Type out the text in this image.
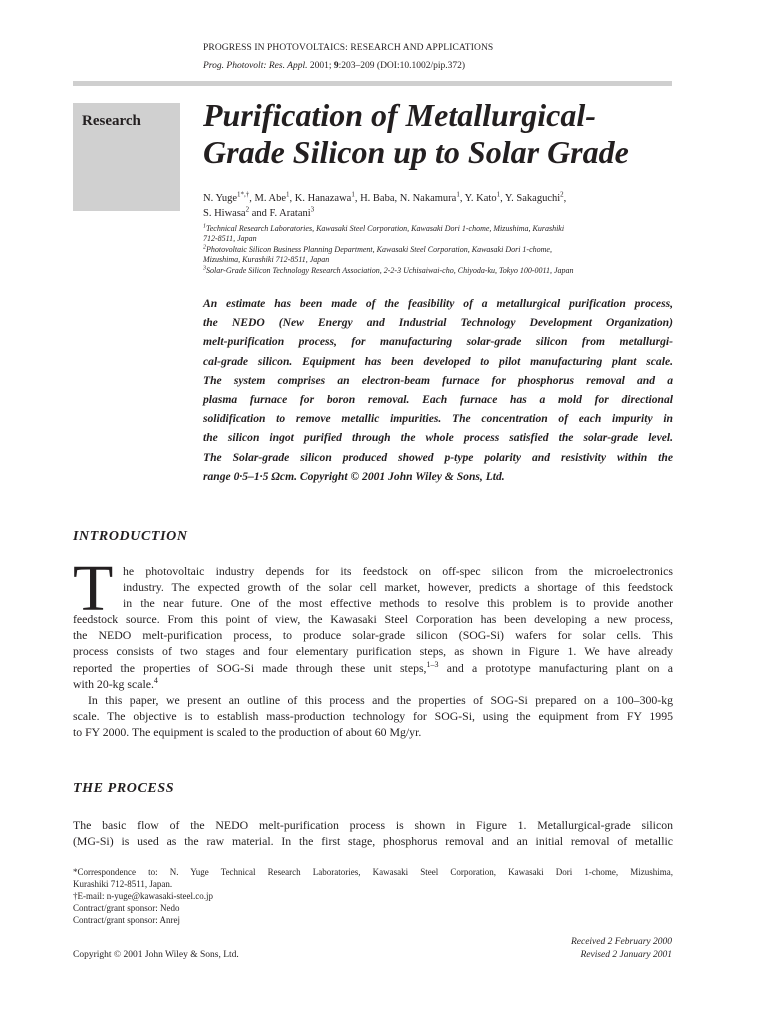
PROGRESS IN PHOTOVOLTAICS: RESEARCH AND APPLICATIONS
Prog. Photovolt: Res. Appl. 2001; 9:203–209 (DOI:10.1002/pip.372)
Research Purification of Metallurgical-
Grade Silicon up to Solar Grade
N. Yuge$^{1*,\dagger}$, M. Abe$^1$, K. Hanazawa$^1$, H. Baba, N. Nakamura$^1$, Y. Kato$^1$, Y. Sakaguchi$^2$,
S. Hiwasa$^2$ and F. Aratani$^3$
$^1$Technical Research Laboratories, Kawasaki Steel Corporation, Kawasaki Dori 1-chome, Mizushima, Kurashiki
712-8511, Japan
$^2$Photovoltaic Silicon Business Planning Department, Kawasaki Steel Corporation, Kawasaki Dori 1-chome,
Mizushima, Kurashiki 712-8511, Japan
$^3$Solar-Grade Silicon Technology Research Association, 2-2-3 Uchisaiwai-cho, Chiyoda-ku, Tokyo 100-0011, Japan
An estimate has been made of the feasibility of a metallurgical purification process,
the NEDO (New Energy and Industrial Technology Development Organization)
melt-purification process, for manufacturing solar-grade silicon from metallurgi-
cal-grade silicon. Equipment has been developed to pilot manufacturing plant scale.
The system comprises an electron-beam furnace for phosphorus removal and a
plasma furnace for boron removal. Each furnace has a mold for directional
solidification to remove metallic impurities. The concentration of each impurity in
the silicon ingot purified through the whole process satisfied the solar-grade level.
The Solar-grade silicon produced showed p-type polarity and resistivity within the
range 0·5–1·5 Ωcm. Copyright © 2001 John Wiley & Sons, Ltd.
INTRODUCTION
T he photovoltaic industry depends for its feedstock on off-spec silicon from the microelectronics
industry. The expected growth of the solar cell market, however, predicts a shortage of this feedstock
in the near future. One of the most effective methods to resolve this problem is to provide another
feedstock source. From this point of view, the Kawasaki Steel Corporation has been developing a new process,
the NEDO melt-purification process, to produce solar-grade silicon (SOG-Si) wafers for solar cells. This
process consists of two stages and four elementary purification steps, as shown in Figure 1. We have already
reported the properties of SOG-Si made through these unit steps,$^{1-3}$ and a prototype manufacturing plant on a
with 20-kg scale.$^4$
In this paper, we present an outline of this process and the properties of SOG-Si prepared on a 100–300-kg
scale. The objective is to establish mass-production technology for SOG-Si, using the equipment from FY 1995
to FY 2000. The equipment is scaled to the production of about 60 Mg/yr.
THE PROCESS
The basic flow of the NEDO melt-purification process is shown in Figure 1. Metallurgical-grade silicon
(MG-Si) is used as the raw material. In the first stage, phosphorus removal and an initial removal of metallic
*Correspondence to: N. Yuge Technical Research Laboratories, Kawasaki Steel Corporation, Kawasaki Dori 1-chome, Mizushima,
Kurashiki 712-8511, Japan.
†E-mail: n-yuge@kawasaki-steel.co.jp
Contract/grant sponsor: Nedo
Contract/grant sponsor: Anrej
Received 2 February 2000
Revised 2 January 2001
Copyright © 2001 John Wiley & Sons, Ltd.
